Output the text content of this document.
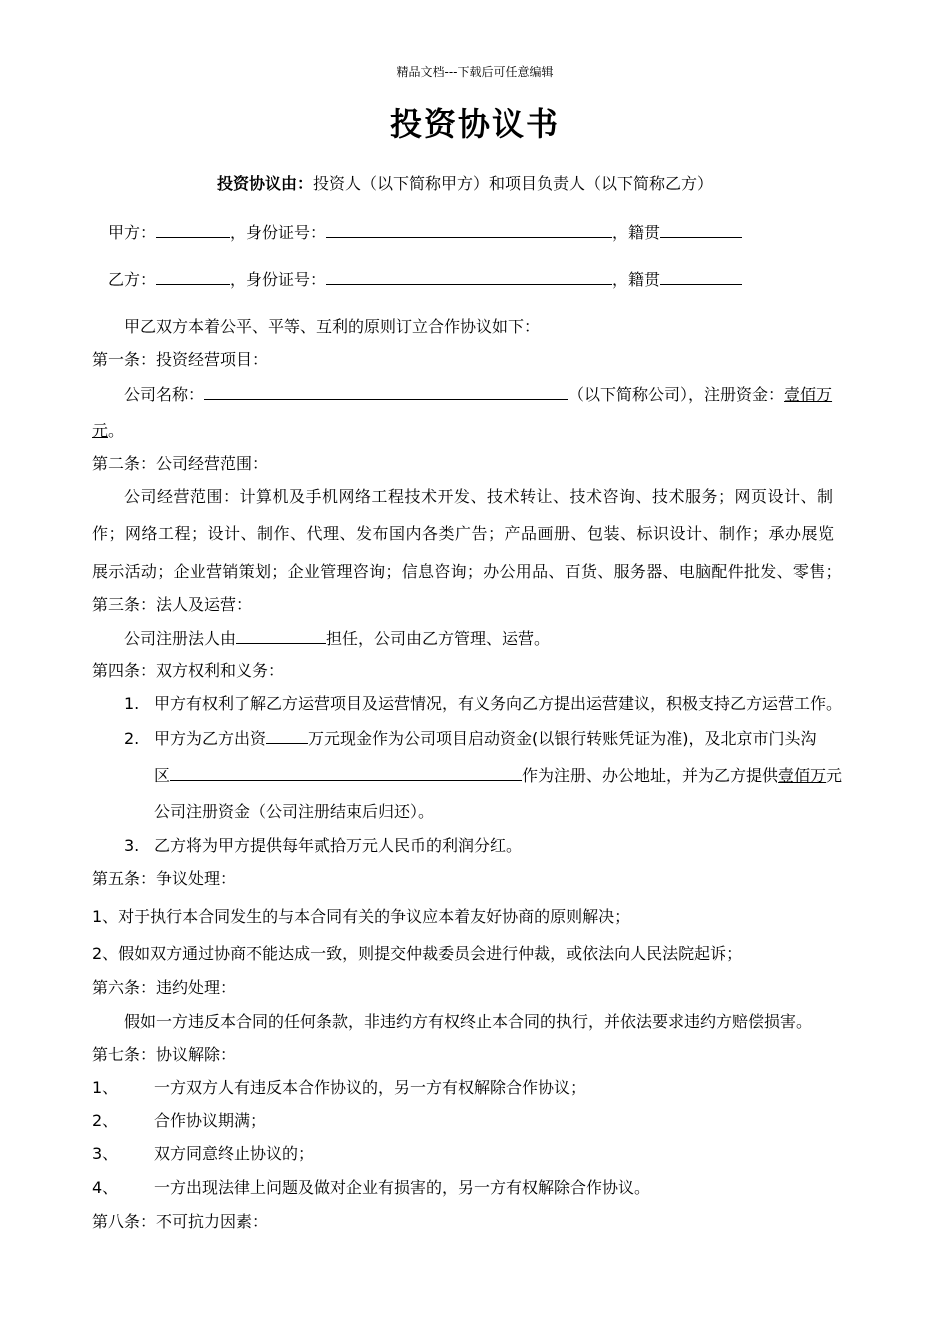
精品文档---下载后可任意编辑
投资协议书
投资协议由：投资人（以下简称甲方）和项目负责人（以下简称乙方）
甲方：	，身份证号：	，籍贯
乙方：	，身份证号：	，籍贯
甲乙双方本着公平、平等、互利的原则订立合作协议如下：
第一条：投资经营项目：
公司名称：	（以下简称公司），注册资金：壹佰万
元。
第二条：公司经营范围：
公司经营范围：计算机及手机网络工程技术开发、技术转让、技术咨询、技术服务；网页设计、制
作；网络工程；设计、制作、代理、发布国内各类广告；产品画册、包装、标识设计、制作；承办展览
展示活动；企业营销策划；企业管理咨询；信息咨询；办公用品、百货、服务器、电脑配件批发、零售；
第三条：法人及运营：
公司注册法人由	担任，公司由乙方管理、运营。
第四条：双方权利和义务：
1. 甲方有权利了解乙方运营项目及运营情况，有义务向乙方提出运营建议，积极支持乙方运营工作。
2. 甲方为乙方出资	万元现金作为公司项目启动资金(以银行转账凭证为准)，及北京市门头沟
区	作为注册、办公地址，并为乙方提供壹佰万元
公司注册资金（公司注册结束后归还）。
3. 乙方将为甲方提供每年贰拾万元人民币的利润分红。
第五条：争议处理：
1、对于执行本合同发生的与本合同有关的争议应本着友好协商的原则解决；
2、假如双方通过协商不能达成一致，则提交仲裁委员会进行仲裁，或依法向人民法院起诉；
第六条：违约处理：
假如一方违反本合同的任何条款，非违约方有权终止本合同的执行，并依法要求违约方赔偿损害。
第七条：协议解除：
1、 一方双方人有违反本合作协议的，另一方有权解除合作协议；
2、 合作协议期满；
3、 双方同意终止协议的；
4、 一方出现法律上问题及做对企业有损害的，另一方有权解除合作协议。
第八条：不可抗力因素：
